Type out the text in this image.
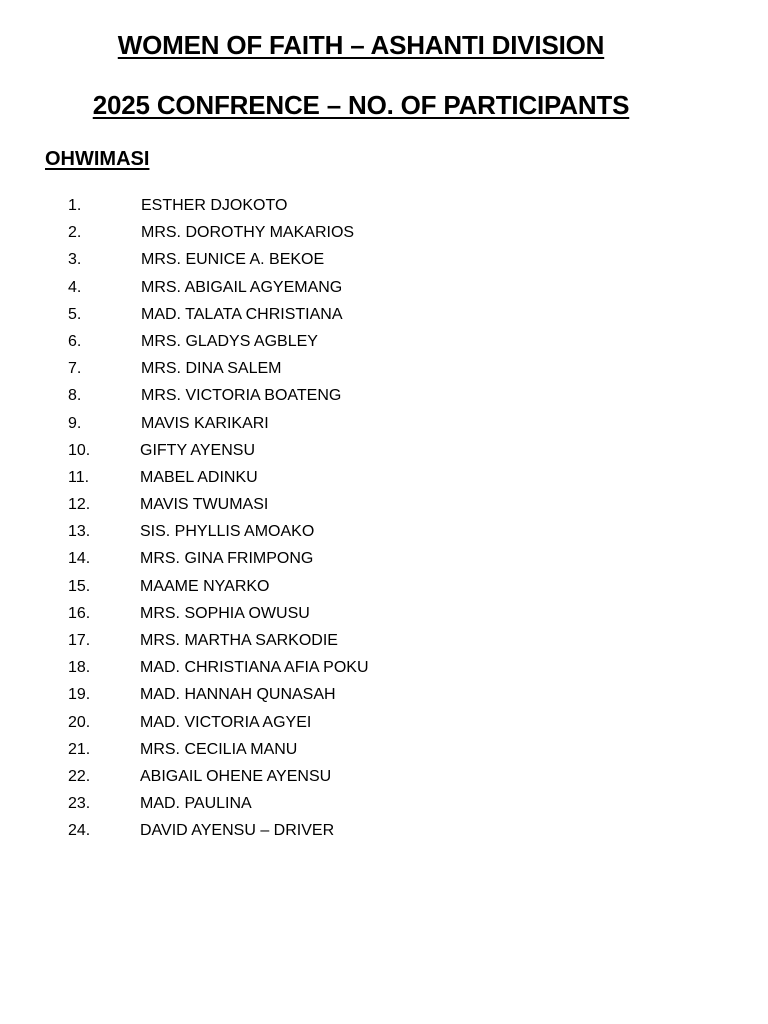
WOMEN OF FAITH – ASHANTI DIVISION
2025 CONFRENCE – NO. OF PARTICIPANTS
OHWIMASI
1.	ESTHER DJOKOTO
2.	MRS. DOROTHY MAKARIOS
3.	MRS. EUNICE A. BEKOE
4.	MRS. ABIGAIL AGYEMANG
5.	MAD. TALATA CHRISTIANA
6.	MRS. GLADYS AGBLEY
7.	MRS. DINA SALEM
8.	MRS. VICTORIA BOATENG
9.	MAVIS KARIKARI
10.	GIFTY AYENSU
11.	MABEL ADINKU
12.	MAVIS TWUMASI
13.	SIS. PHYLLIS AMOAKO
14.	MRS. GINA FRIMPONG
15.	MAAME NYARKO
16.	MRS. SOPHIA OWUSU
17.	MRS. MARTHA SARKODIE
18.	MAD. CHRISTIANA AFIA POKU
19.	MAD. HANNAH QUNASAH
20.	MAD. VICTORIA AGYEI
21.	MRS. CECILIA MANU
22.	ABIGAIL OHENE AYENSU
23.	MAD. PAULINA
24.	DAVID AYENSU – DRIVER
